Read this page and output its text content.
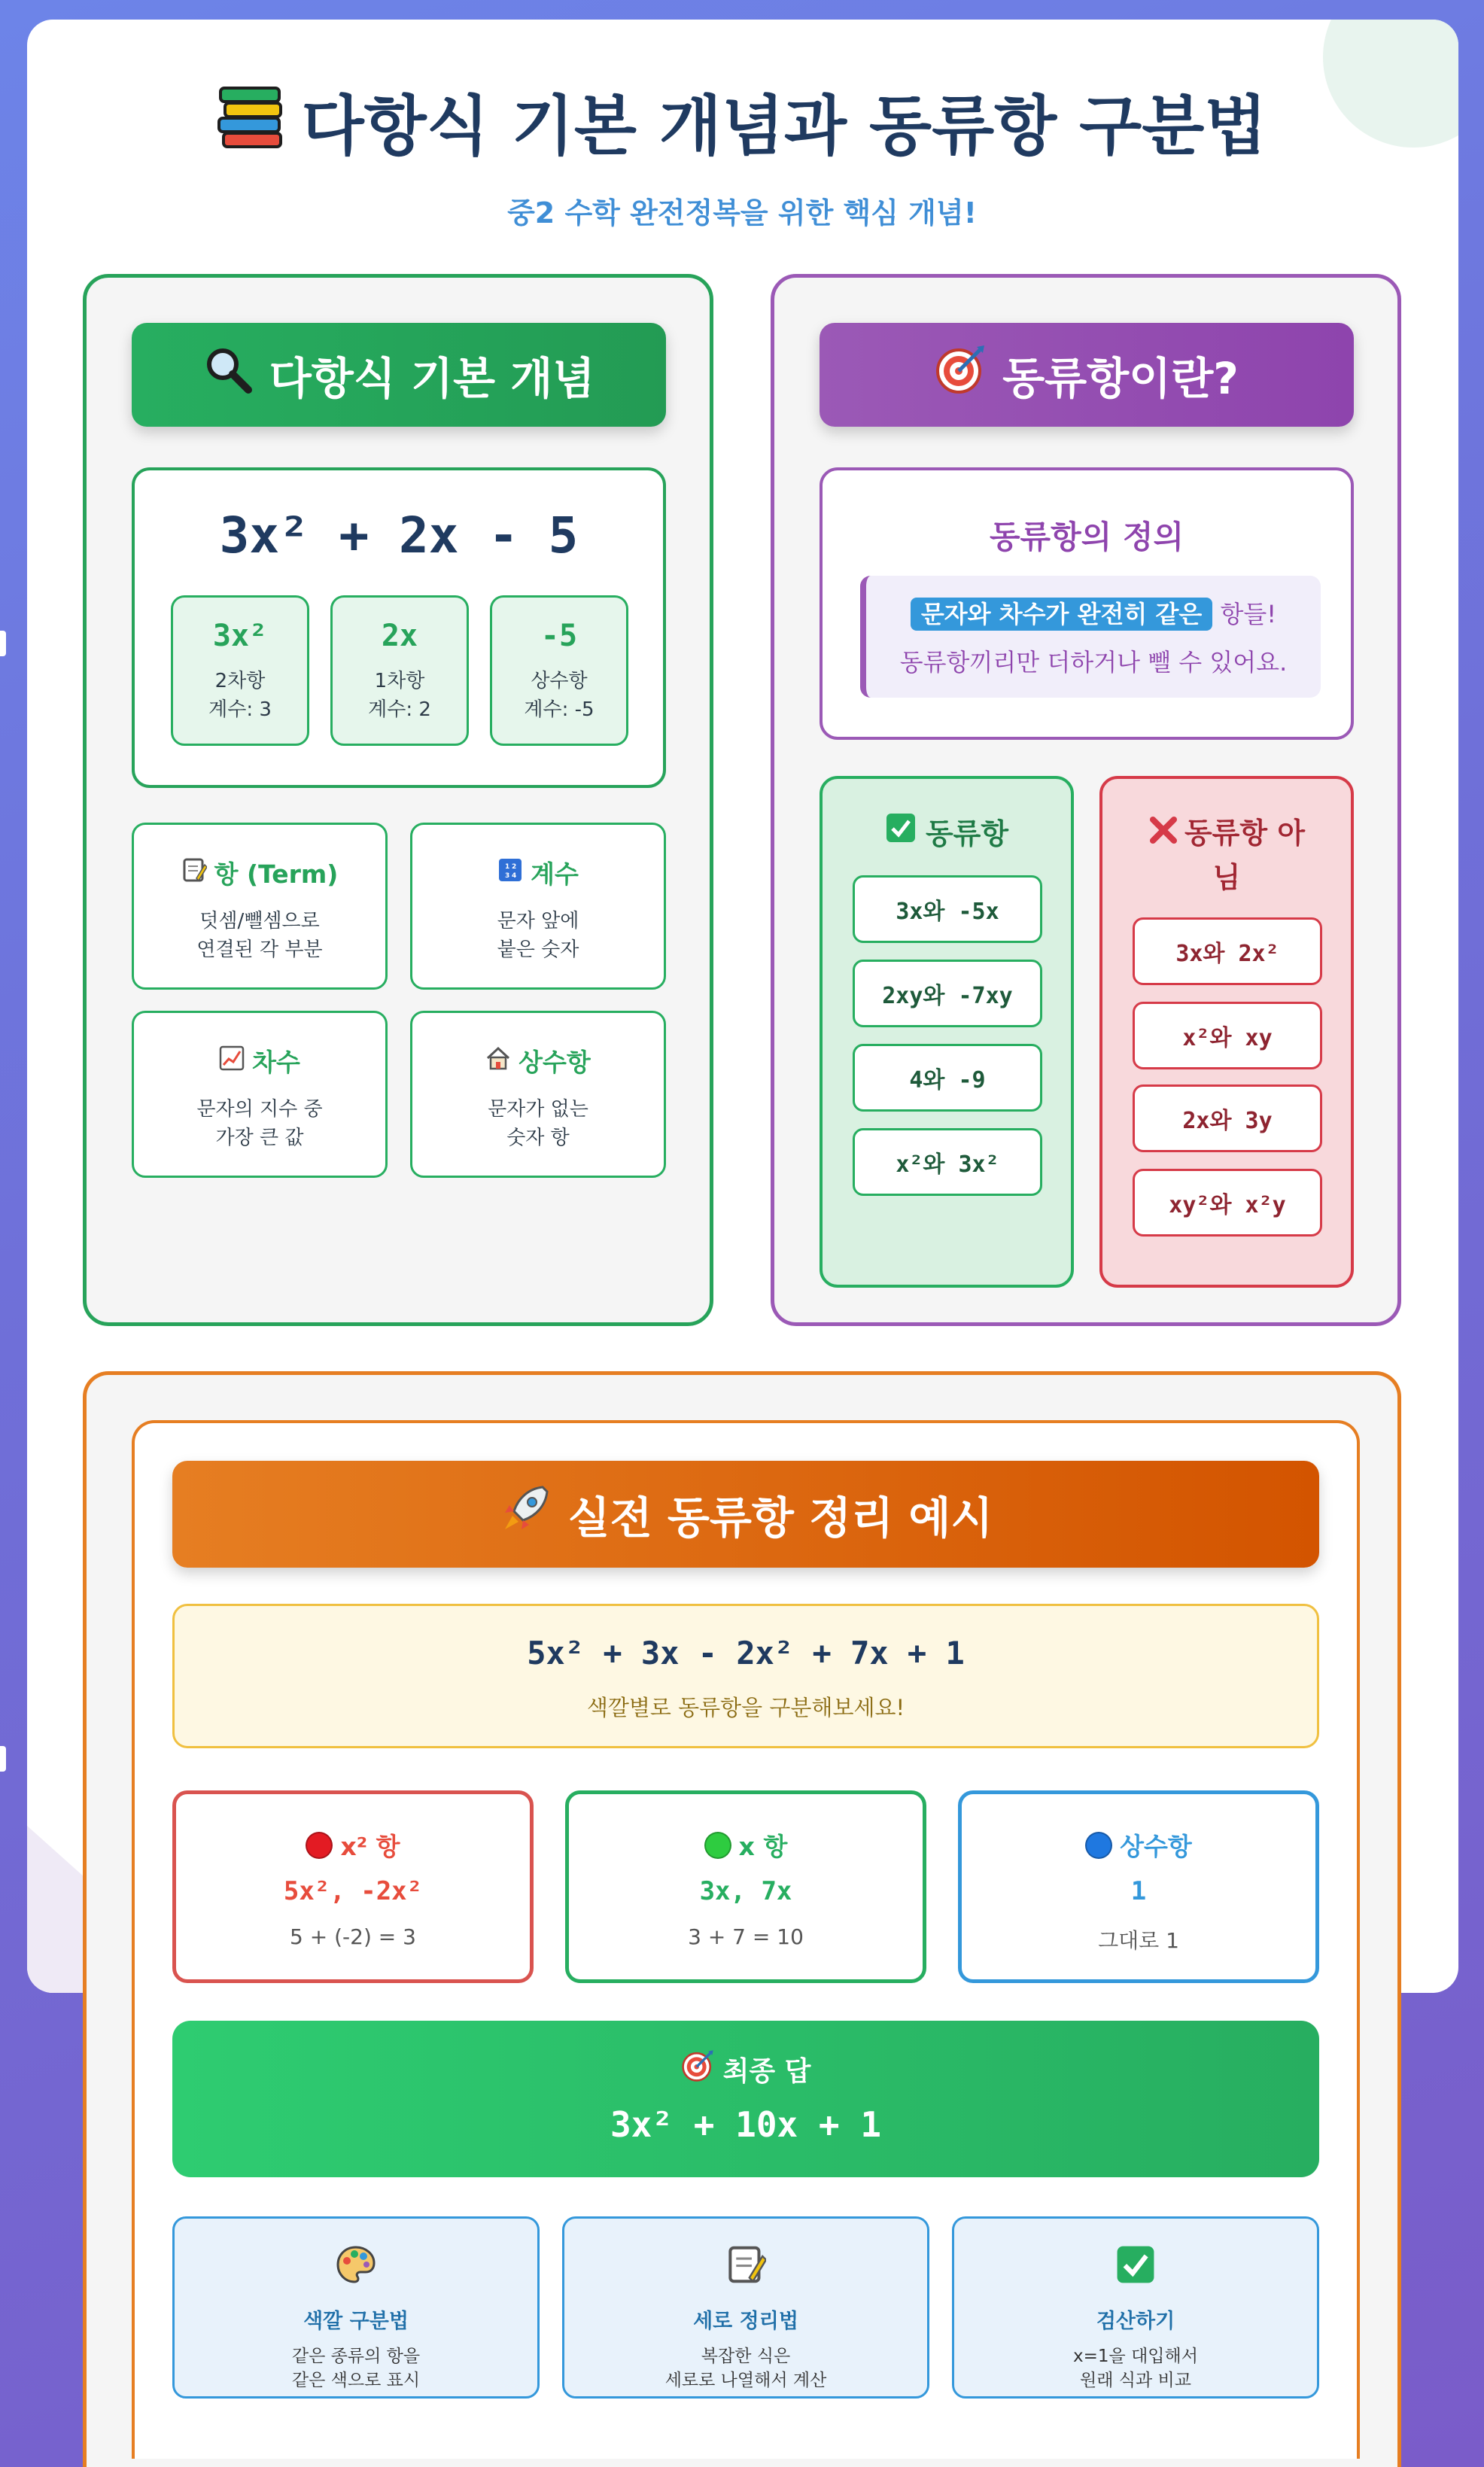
다항식 기본 개념과 동류항 구분법
중2 수학 완전정복을 위한 핵심 개념!
다항식 기본 개념
3x² + 2x - 5
3x²
2차항
계수: 3
2x
1차항
계수: 2
-5
상수항
계수: -5
항 (Term)
덧셈/뺄셈으로
연결된 각 부분
1 2
3 4 계수
문자 앞에
붙은 숫자
차수
문자의 지수 중
가장 큰 값
상수항
문자가 없는
숫자 항
동류항이란?
동류항의 정의
문자와 차수가 완전히 같은 항들!
동류항끼리만 더하거나 뺄 수 있어요.
동류항
3x와 -5x
2xy와 -7xy
4와 -9
x²와 3x²
동류항 아
님
3x와 2x²
x²와 xy
2x와 3y
xy²와 x²y
실전 동류항 정리 예시
5x² + 3x - 2x² + 7x + 1
색깔별로 동류항을 구분해보세요!
x² 항
5x², -2x²
5 + (-2) = 3
x 항
3x, 7x
3 + 7 = 10
상수항
1
그대로 1
최종 답
3x² + 10x + 1
색깔 구분법
같은 종류의 항을
같은 색으로 표시
세로 정리법
복잡한 식은
세로로 나열해서 계산
검산하기
x=1을 대입해서
원래 식과 비교
